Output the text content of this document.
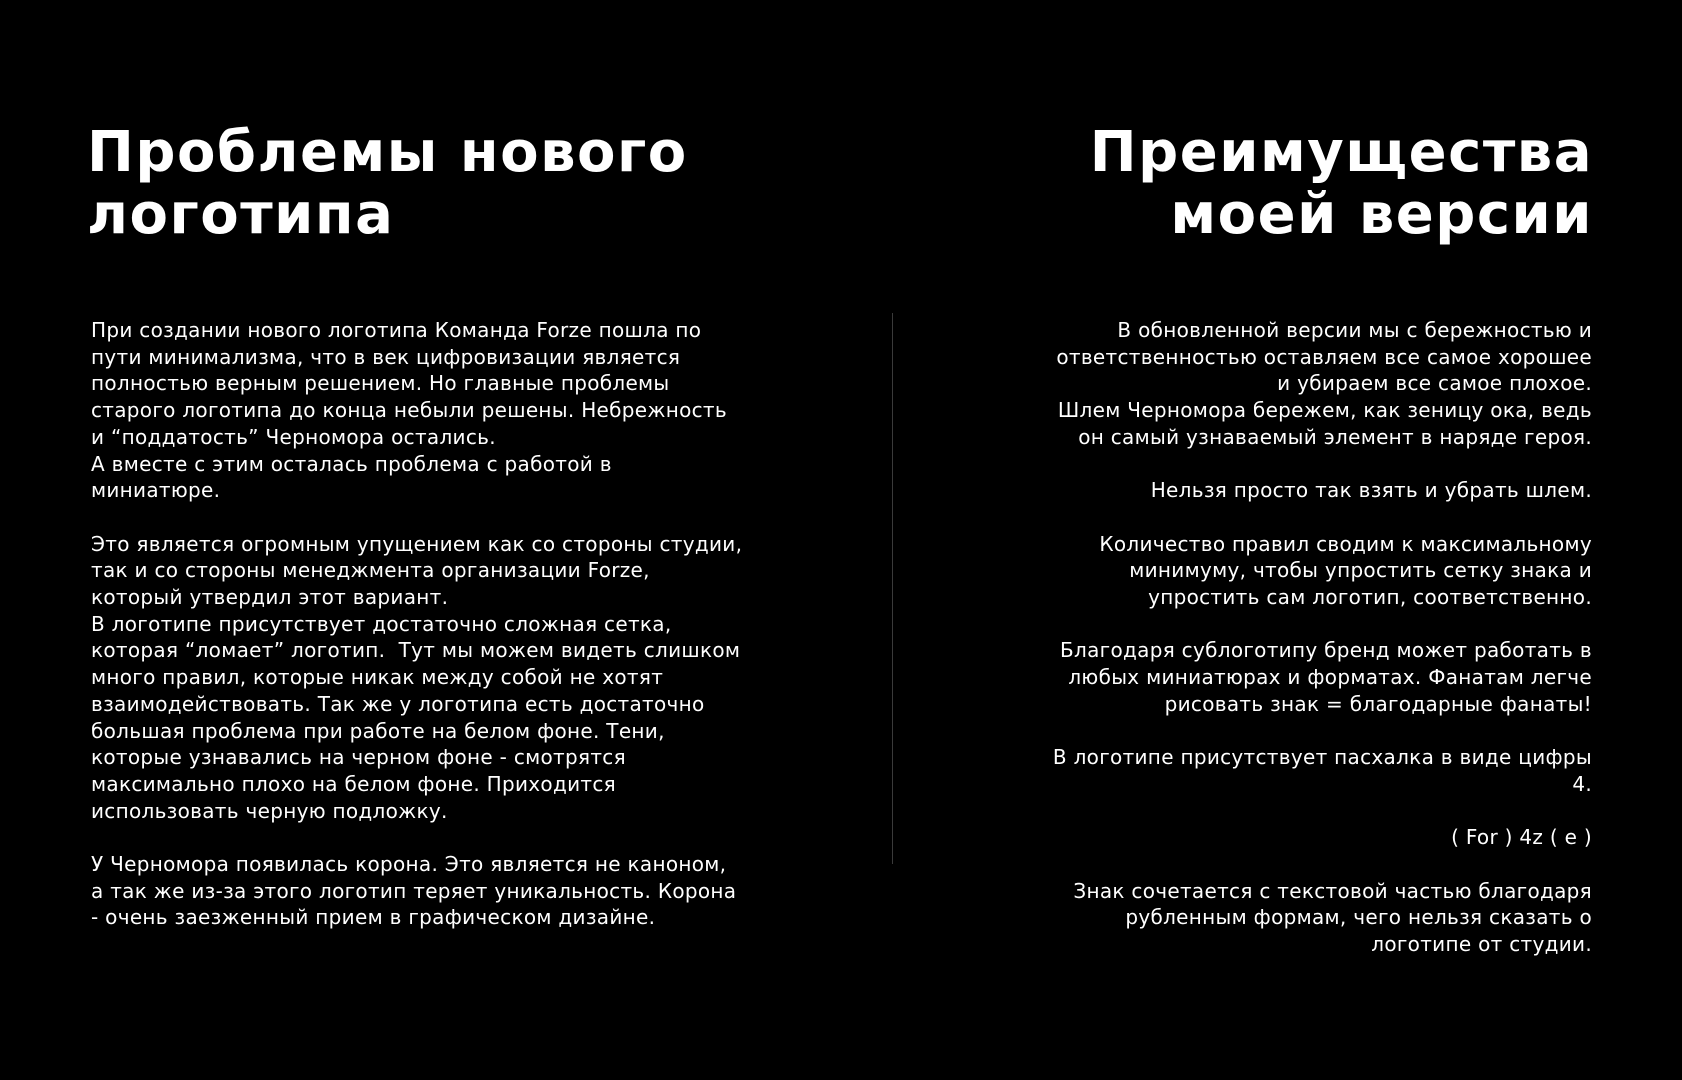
Проблемы нового
логотипа
Преимущества
моей версии

При создании нового логотипа Команда Forze пошла по
пути минимализма, что в век цифровизации является
полностью верным решением. Но главные проблемы
старого логотипа до конца небыли решены. Небрежность
и “поддатость” Черномора остались.
А вместе с этим осталась проблема с работой в
миниатюре.

Это является огромным упущением как со стороны студии,
так и со стороны менеджмента организации Forze,
который утвердил этот вариант.
В логотипе присутствует достаточно сложная сетка,
которая “ломает” логотип.  Тут мы можем видеть слишком
много правил, которые никак между собой не хотят
взаимодействовать. Так же у логотипа есть достаточно
большая проблема при работе на белом фоне. Тени,
которые узнавались на черном фоне - смотрятся
максимально плохо на белом фоне. Приходится
использовать черную подложку.

У Черномора появилась корона. Это является не каноном,
а так же из-за этого логотип теряет уникальность. Корона
- очень заезженный прием в графическом дизайне.

В обновленной версии мы с бережностью и
ответственностью оставляем все самое хорошее
и убираем все самое плохое.
Шлем Черномора бережем, как зеницу ока, ведь
он самый узнаваемый элемент в наряде героя.

Нельзя просто так взять и убрать шлем.

Количество правил сводим к максимальному
минимуму, чтобы упростить сетку знака и
упростить сам логотип, соответственно.

Благодаря сублоготипу бренд может работать в
любых миниатюрах и форматах. Фанатам легче
рисовать знак = благодарные фанаты!

В логотипе присутствует пасхалка в виде цифры
4.

( For ) 4z ( e )

Знак сочетается с текстовой частью благодаря
рубленным формам, чего нельзя сказать о
логотипе от студии.
